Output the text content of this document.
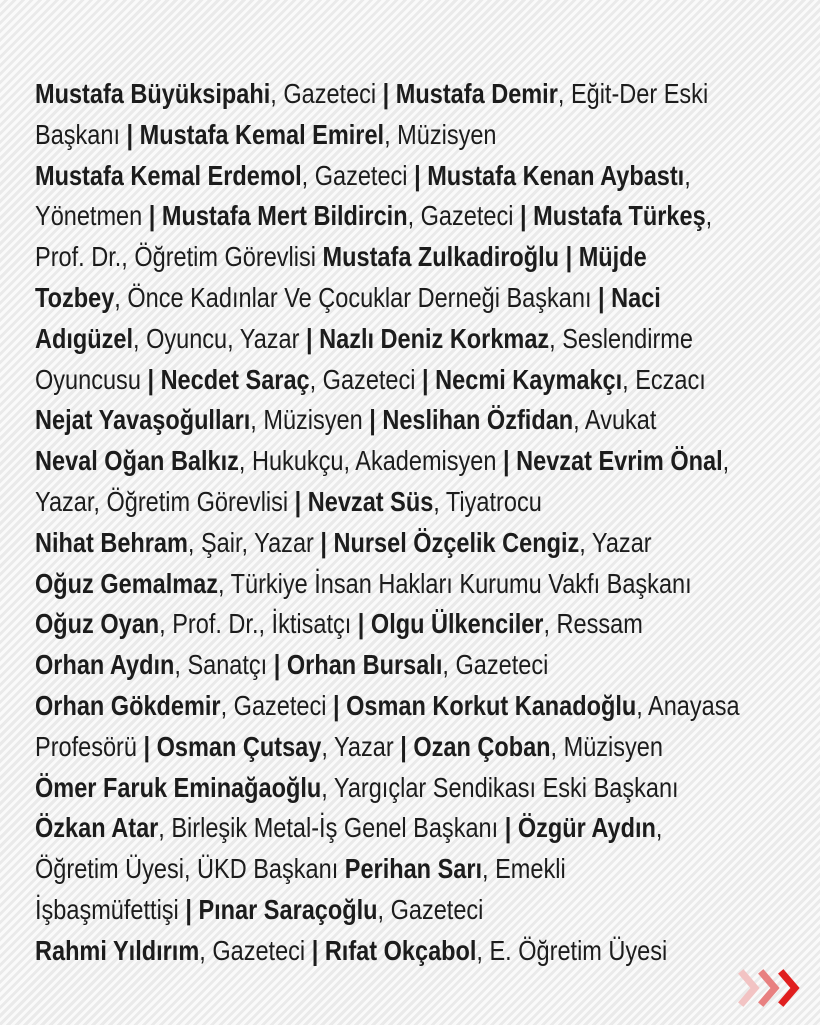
Mustafa Büyüksipahi, Gazeteci | Mustafa Demir, Eğit-Der Eski
Başkanı | Mustafa Kemal Emirel, Müzisyen
Mustafa Kemal Erdemol, Gazeteci | Mustafa Kenan Aybastı,
Yönetmen | Mustafa Mert Bildircin, Gazeteci | Mustafa Türkeş,
Prof. Dr., Öğretim Görevlisi Mustafa Zulkadiroğlu | Müjde
Tozbey, Önce Kadınlar Ve Çocuklar Derneği Başkanı | Naci
Adıgüzel, Oyuncu, Yazar | Nazlı Deniz Korkmaz, Seslendirme
Oyuncusu | Necdet Saraç, Gazeteci | Necmi Kaymakçı, Eczacı
Nejat Yavaşoğulları, Müzisyen | Neslihan Özfidan, Avukat
Neval Oğan Balkız, Hukukçu, Akademisyen | Nevzat Evrim Önal,
Yazar, Öğretim Görevlisi | Nevzat Süs, Tiyatrocu
Nihat Behram, Şair, Yazar | Nursel Özçelik Cengiz, Yazar
Oğuz Gemalmaz, Türkiye İnsan Hakları Kurumu Vakfı Başkanı
Oğuz Oyan, Prof. Dr., İktisatçı | Olgu Ülkenciler, Ressam
Orhan Aydın, Sanatçı | Orhan Bursalı, Gazeteci
Orhan Gökdemir, Gazeteci | Osman Korkut Kanadoğlu, Anayasa
Profesörü | Osman Çutsay, Yazar | Ozan Çoban, Müzisyen
Ömer Faruk Eminağaoğlu, Yargıçlar Sendikası Eski Başkanı
Özkan Atar, Birleşik Metal-İş Genel Başkanı | Özgür Aydın,
Öğretim Üyesi, ÜKD Başkanı Perihan Sarı, Emekli
İşbaşmüfettişi | Pınar Saraçoğlu, Gazeteci
Rahmi Yıldırım, Gazeteci | Rıfat Okçabol, E. Öğretim Üyesi
